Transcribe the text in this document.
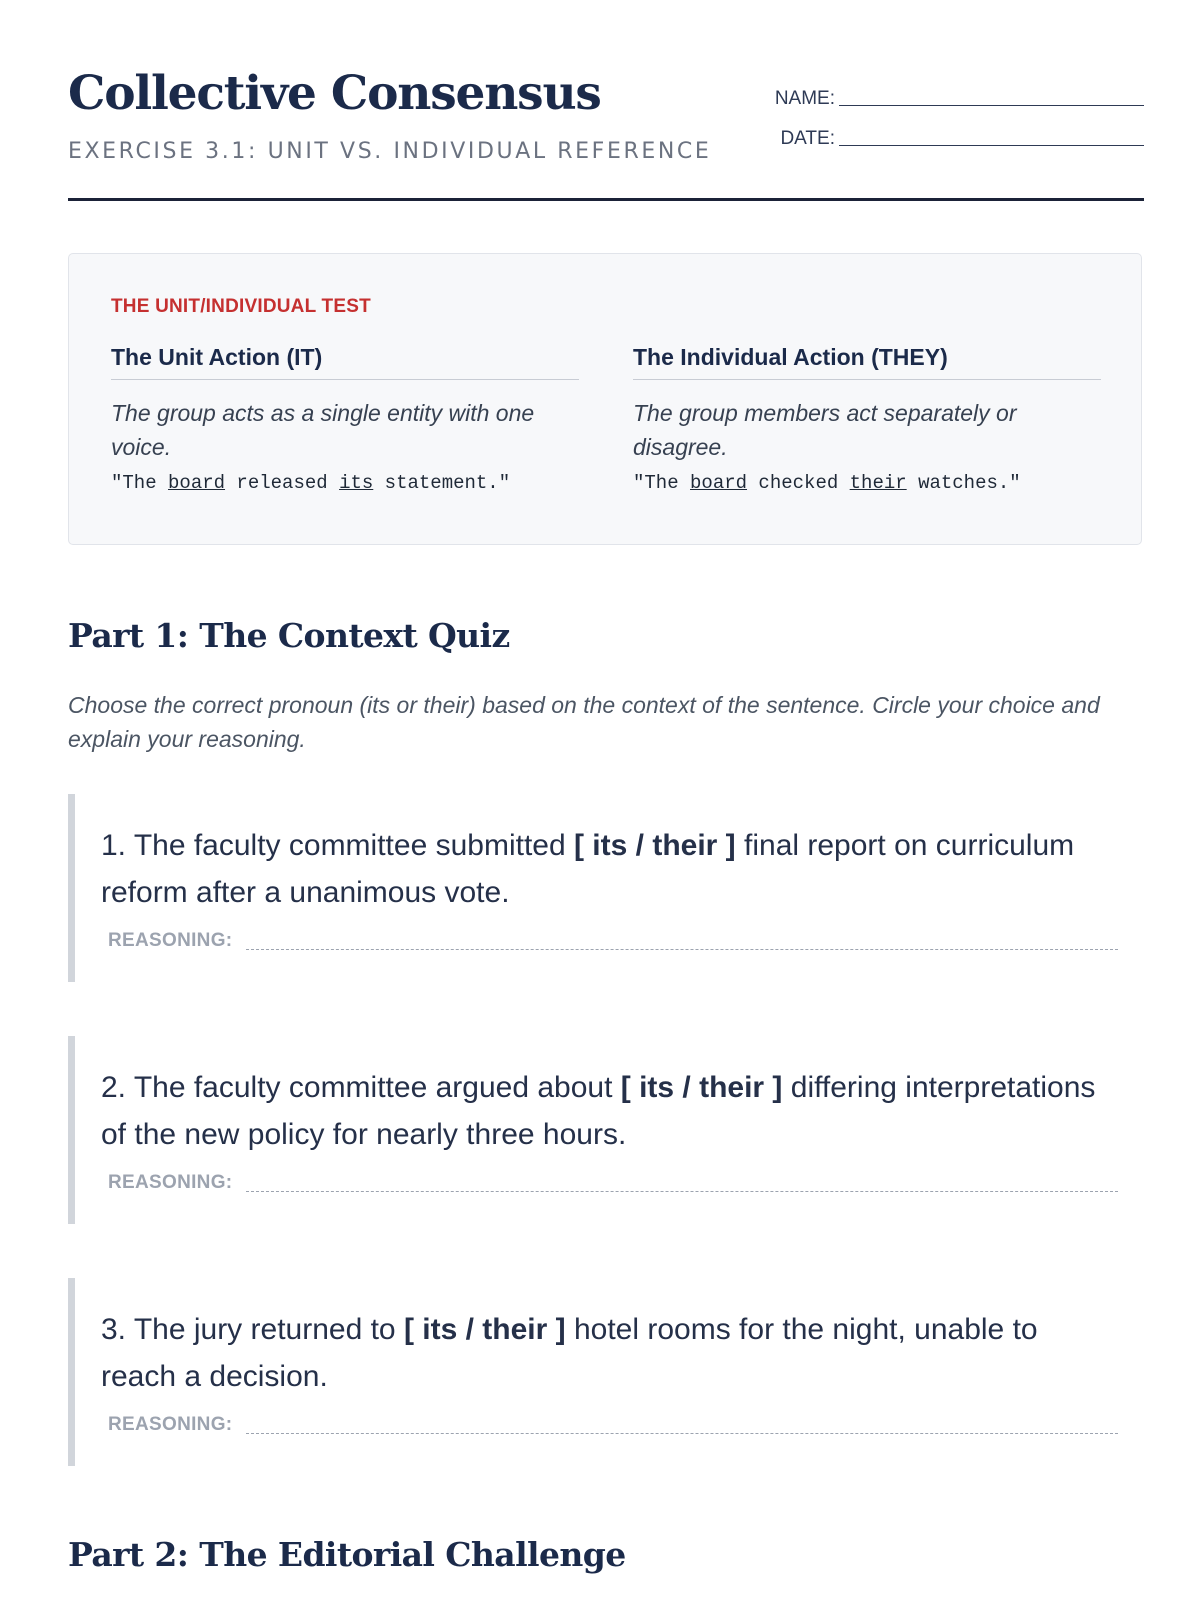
Collective Consensus
EXERCISE 3.1: UNIT VS. INDIVIDUAL REFERENCE
NAME:
DATE:
THE UNIT/INDIVIDUAL TEST
The Unit Action (IT)

The group acts as a single entity with one voice.

"The board released its statement."
The Individual Action (THEY)

The group members act separately or disagree.

"The board checked their watches."
Part 1: The Context Quiz

Choose the correct pronoun (its or their) based on the context of the sentence. Circle your choice and explain your reasoning.

1. The faculty committee submitted [ its / their ] final report on curriculum reform after a unanimous vote.

REASONING:

2. The faculty committee argued about [ its / their ] differing interpretations of the new policy for nearly three hours.

REASONING:

3. The jury returned to [ its / their ] hotel rooms for the night, unable to reach a decision.

REASONING:
Part 2: The Editorial Challenge
